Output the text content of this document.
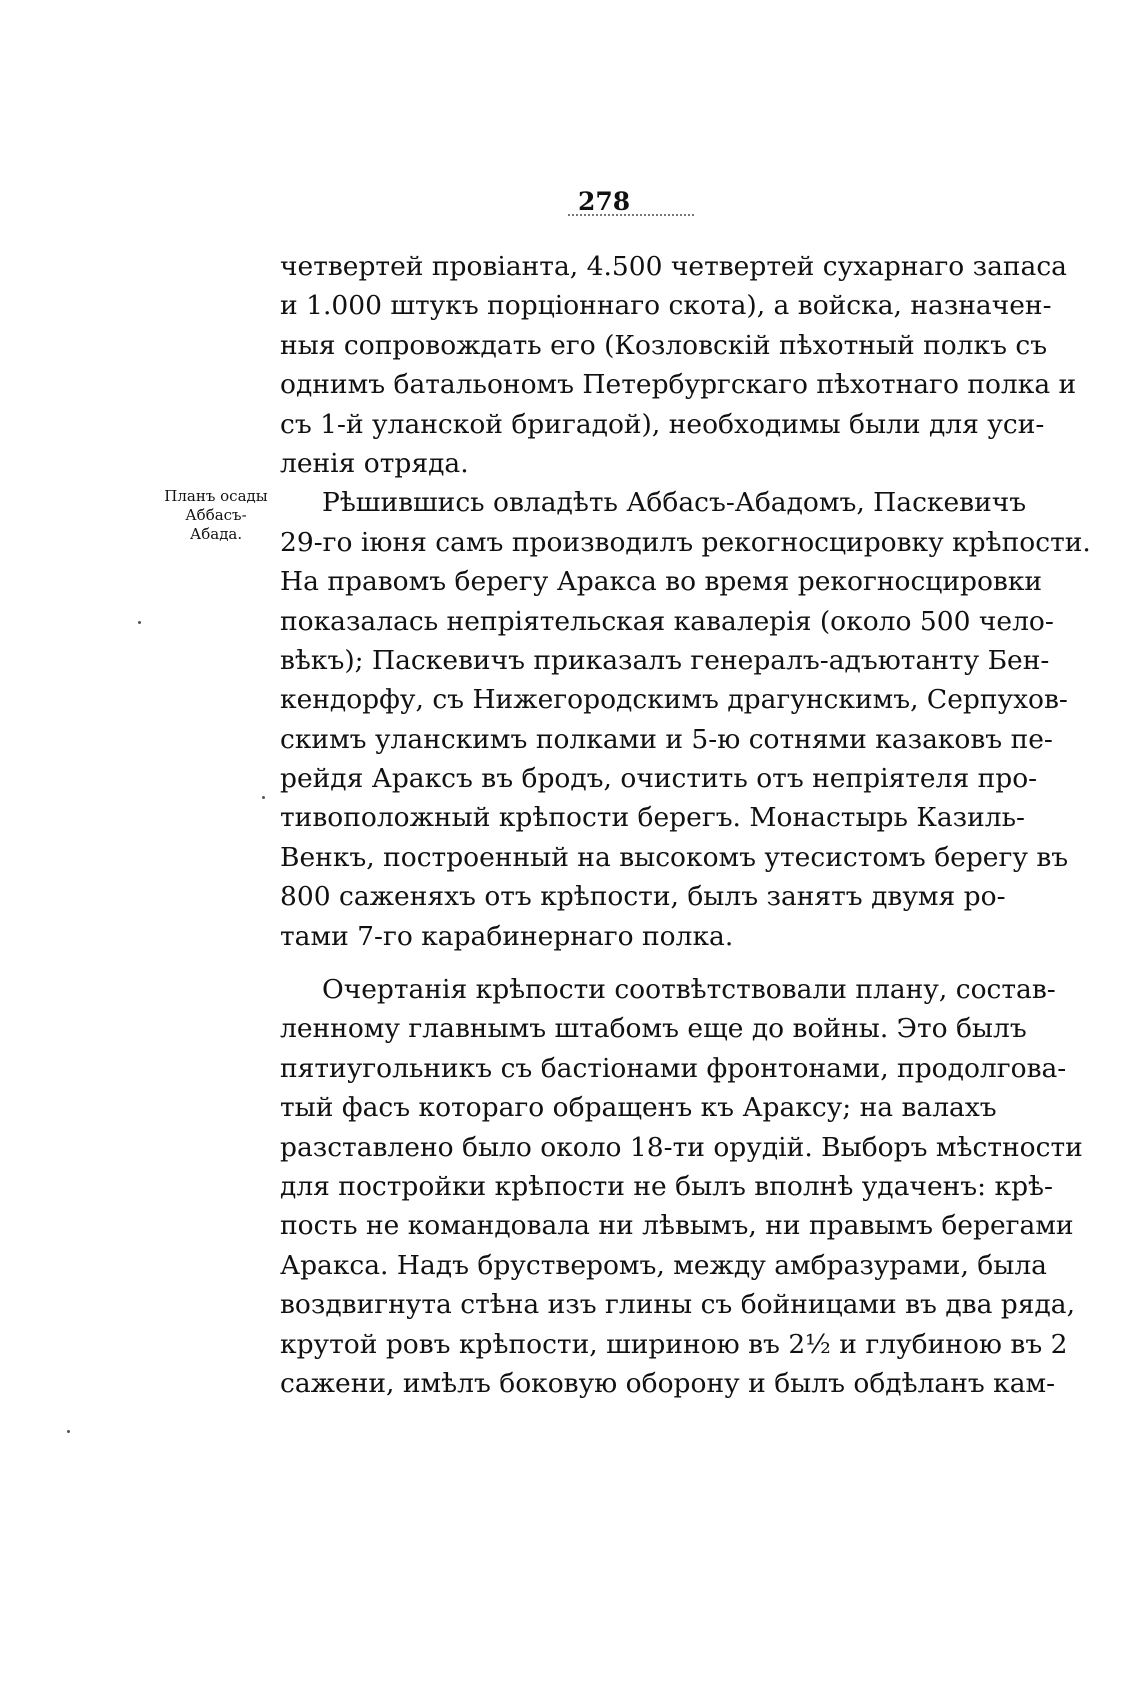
278
Планъ осады
Аббасъ-
Абада.
четвертей провіанта, 4.500 четвертей сухарнаго запаса
и 1.000 штукъ порціоннаго скота), а войска, назначен-
ныя сопровождать его (Козловскій пѣхотный полкъ съ
однимъ батальономъ Петербургскаго пѣхотнаго полка и
съ 1-й уланской бригадой), необходимы были для уси-
ленія отряда.
Рѣшившись овладѣть Аббасъ-Абадомъ, Паскевичъ
29-го іюня самъ производилъ рекогносцировку крѣпости.
На правомъ берегу Аракса во время рекогносцировки
показалась непріятельская кавалерія (около 500 чело-
вѣкъ); Паскевичъ приказалъ генералъ-адъютанту Бен-
кендорфу, съ Нижегородскимъ драгунскимъ, Серпухов-
скимъ уланскимъ полками и 5-ю сотнями казаковъ пе-
рейдя Араксъ въ бродъ, очистить отъ непріятеля про-
тивоположный крѣпости берегъ. Монастырь Казиль-
Венкъ, построенный на высокомъ утесистомъ берегу въ
800 саженяхъ отъ крѣпости, былъ занятъ двумя ро-
тами 7-го карабинернаго полка.
Очертанія крѣпости соотвѣтствовали плану, состав-
ленному главнымъ штабомъ еще до войны. Это былъ
пятиугольникъ съ бастіонами фронтонами, продолгова-
тый фасъ котораго обращенъ къ Араксу; на валахъ
разставлено было около 18-ти орудій. Выборъ мѣстности
для постройки крѣпости не былъ вполнѣ удаченъ: крѣ-
пость не командовала ни лѣвымъ, ни правымъ берегами
Аракса. Надъ брустверомъ, между амбразурами, была
воздвигнута стѣна изъ глины съ бойницами въ два ряда,
крутой ровъ крѣпости, шириною въ 2½ и глубиною въ 2
сажени, имѣлъ боковую оборону и былъ обдѣланъ кам-
